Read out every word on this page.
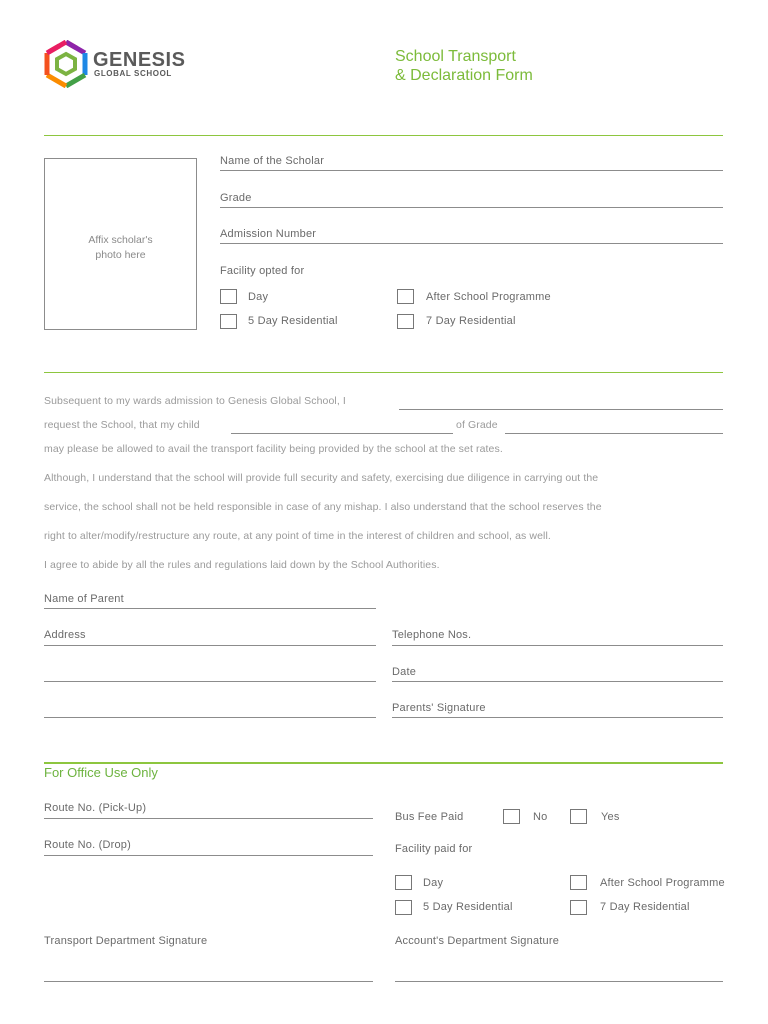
GENESIS
GLOBAL SCHOOL
School Transport
& Declaration Form
Affix scholar's
photo here
Name of the Scholar
Grade
Admission Number
Facility opted for
Day	After School Programme
5 Day Residential	7 Day Residential
Subsequent to my wards admission to Genesis Global School, I
request the School, that my child	of Grade
may please be allowed to avail the transport facility being provided by the school at the set rates.
Although, I understand that the school will provide full security and safety, exercising due diligence in carrying out the
service, the school shall not be held responsible in case of any mishap. I also understand that the school reserves the
right to alter/modify/restructure any route, at any point of time in the interest of children and school, as well.
I agree to abide by all the rules and regulations laid down by the School Authorities.
Name of Parent
Address	Telephone Nos.
Date
Parents' Signature
For Office Use Only
Route No. (Pick-Up)
Route No. (Drop)
Bus Fee Paid	No	Yes
Facility paid for
Day	After School Programme
5 Day Residential	7 Day Residential
Transport Department Signature	Account's Department Signature
